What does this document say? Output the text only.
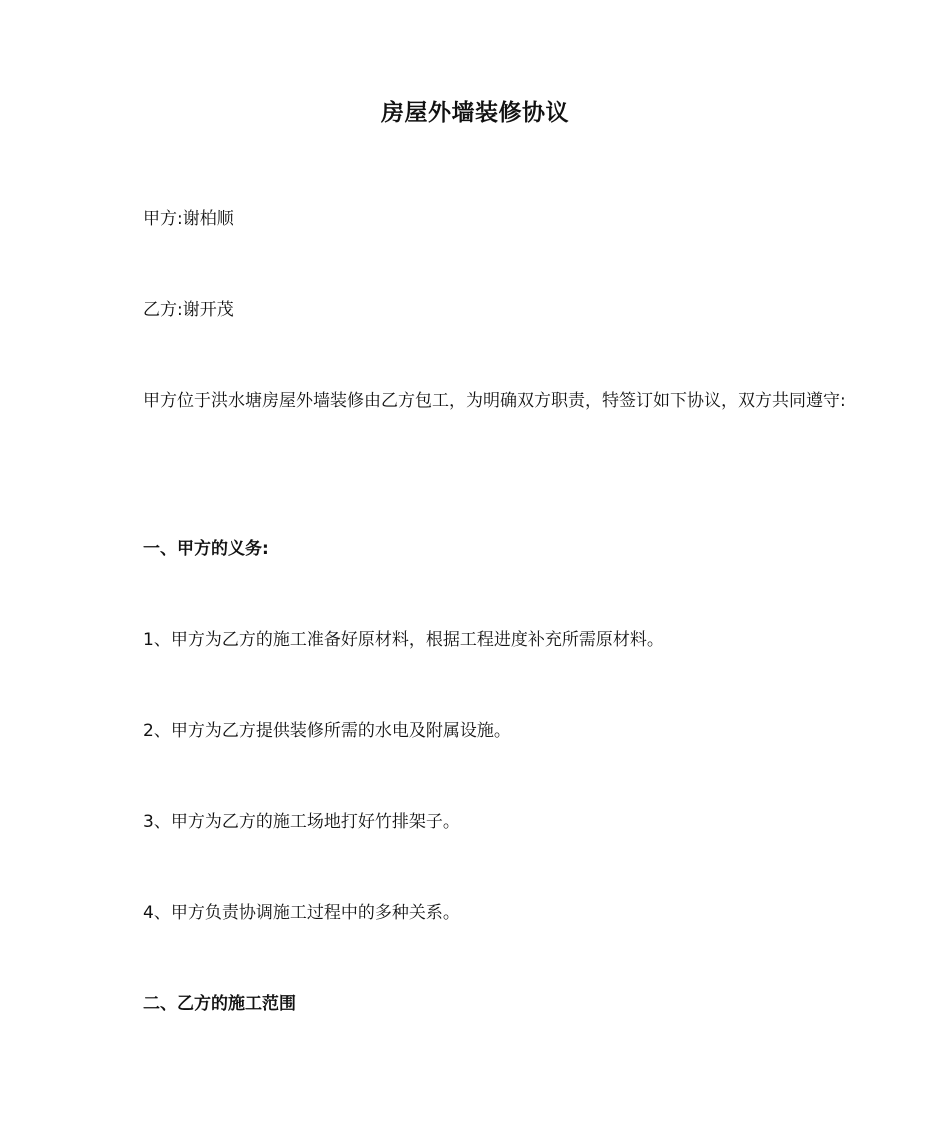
房屋外墙装修协议
甲方:谢柏顺
乙方:谢开茂
甲方位于洪水塘房屋外墙装修由乙方包工，为明确双方职责，特签订如下协议，双方共同遵守:
一、甲方的义务:
1、甲方为乙方的施工准备好原材料，根据工程进度补充所需原材料。
2、甲方为乙方提供装修所需的水电及附属设施。
3、甲方为乙方的施工场地打好竹排架子。
4、甲方负责协调施工过程中的多种关系。
二、乙方的施工范围
